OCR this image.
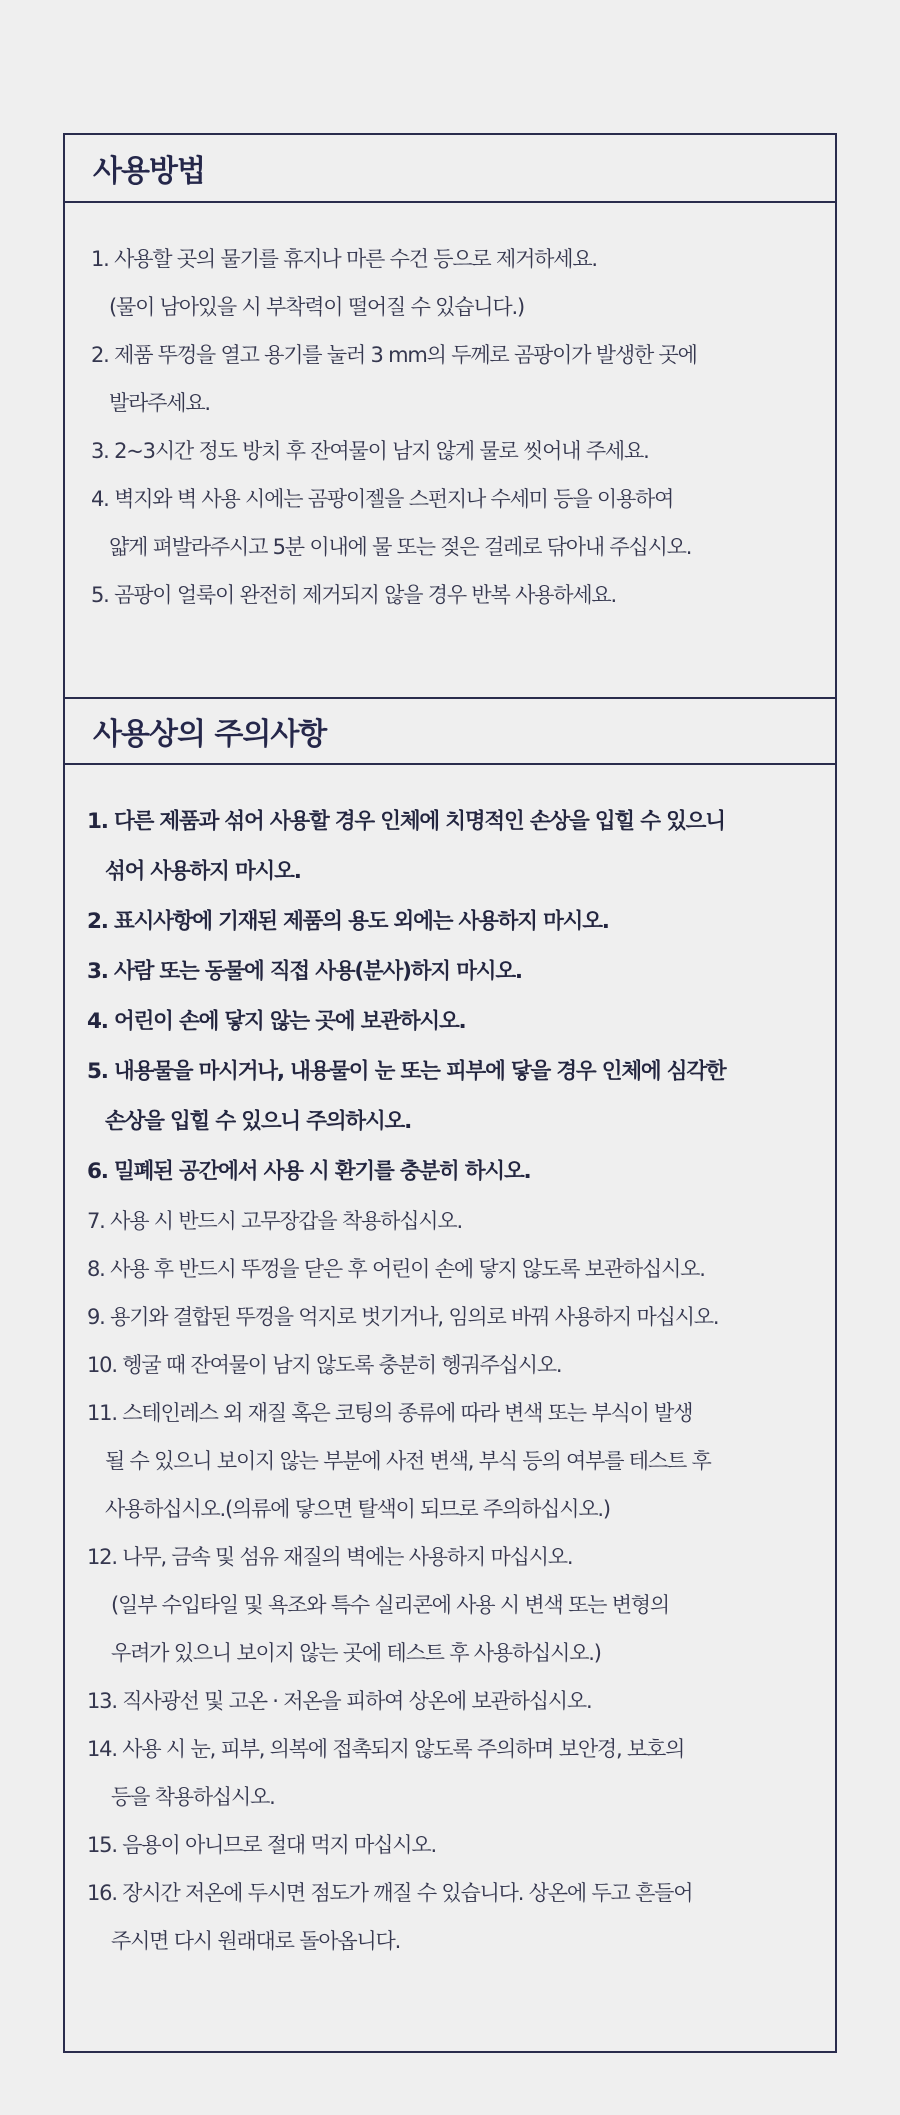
사용방법
1. 사용할 곳의 물기를 휴지나 마른 수건 등으로 제거하세요.
(물이 남아있을 시 부착력이 떨어질 수 있습니다.)
2. 제품 뚜껑을 열고 용기를 눌러 3 mm의 두께로 곰팡이가 발생한 곳에
발라주세요.
3. 2~3시간 정도 방치 후 잔여물이 남지 않게 물로 씻어내 주세요.
4. 벽지와 벽 사용 시에는 곰팡이젤을 스펀지나 수세미 등을 이용하여
얇게 펴발라주시고 5분 이내에 물 또는 젖은 걸레로 닦아내 주십시오.
5. 곰팡이 얼룩이 완전히 제거되지 않을 경우 반복 사용하세요.
사용상의 주의사항
1. 다른 제품과 섞어 사용할 경우 인체에 치명적인 손상을 입힐 수 있으니
섞어 사용하지 마시오.
2. 표시사항에 기재된 제품의 용도 외에는 사용하지 마시오.
3. 사람 또는 동물에 직접 사용(분사)하지 마시오.
4. 어린이 손에 닿지 않는 곳에 보관하시오.
5. 내용물을 마시거나, 내용물이 눈 또는 피부에 닿을 경우 인체에 심각한
손상을 입힐 수 있으니 주의하시오.
6. 밀폐된 공간에서 사용 시 환기를 충분히 하시오.
7. 사용 시 반드시 고무장갑을 착용하십시오.
8. 사용 후 반드시 뚜껑을 닫은 후 어린이 손에 닿지 않도록 보관하십시오.
9. 용기와 결합된 뚜껑을 억지로 벗기거나, 임의로 바꿔 사용하지 마십시오.
10. 헹굴 때 잔여물이 남지 않도록 충분히 헹궈주십시오.
11. 스테인레스 외 재질 혹은 코팅의 종류에 따라 변색 또는 부식이 발생
될 수 있으니 보이지 않는 부분에 사전 변색, 부식 등의 여부를 테스트 후
사용하십시오.(의류에 닿으면 탈색이 되므로 주의하십시오.)
12. 나무, 금속 및 섬유 재질의 벽에는 사용하지 마십시오.
(일부 수입타일 및 욕조와 특수 실리콘에 사용 시 변색 또는 변형의
우려가 있으니 보이지 않는 곳에 테스트 후 사용하십시오.)
13. 직사광선 및 고온 · 저온을 피하여 상온에 보관하십시오.
14. 사용 시 눈, 피부, 의복에 접촉되지 않도록 주의하며 보안경, 보호의
등을 착용하십시오.
15. 음용이 아니므로 절대 먹지 마십시오.
16. 장시간 저온에 두시면 점도가 깨질 수 있습니다. 상온에 두고 흔들어
주시면 다시 원래대로 돌아옵니다.
